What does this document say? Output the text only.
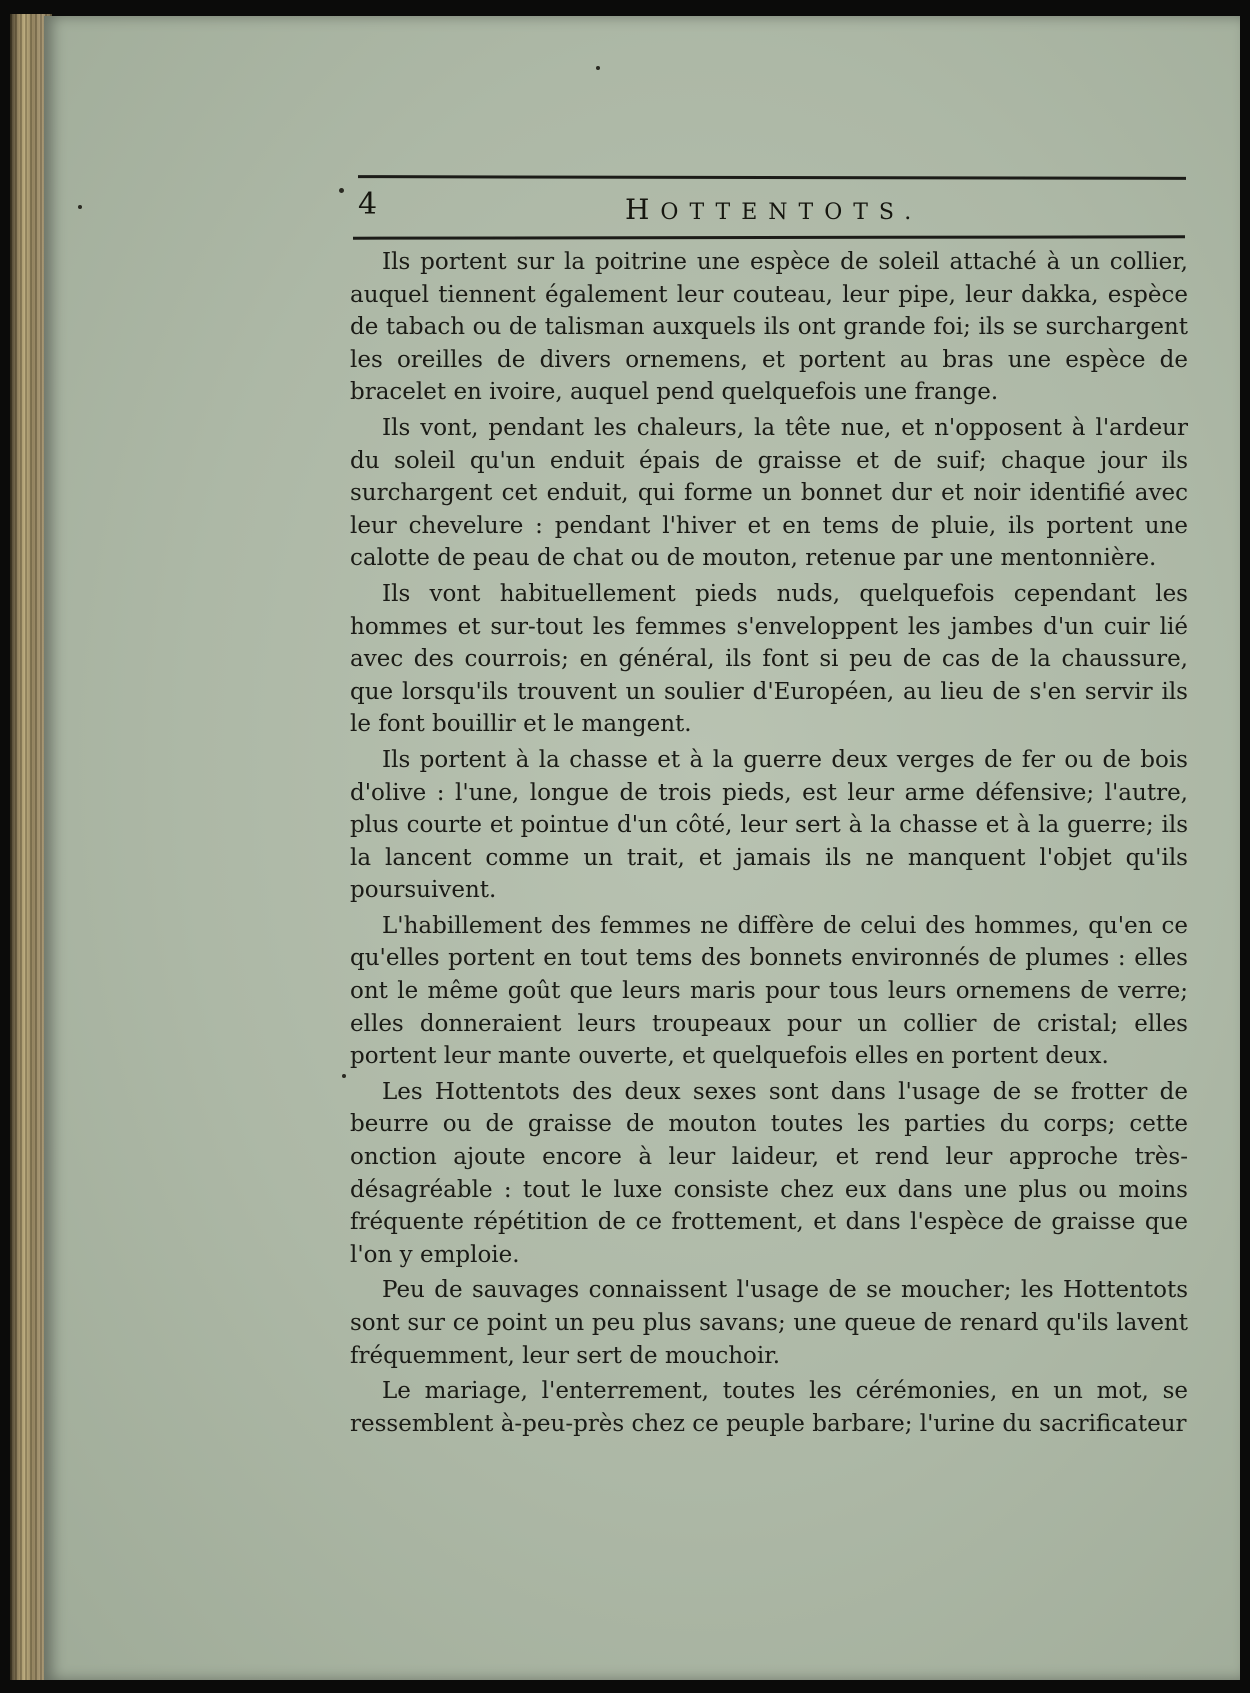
4	HOTTENTOTS.

Ils portent sur la poitrine une espèce de soleil attaché à un collier, auquel tiennent également leur couteau, leur pipe, leur dakka, espèce de tabach ou de talisman auxquels ils ont grande foi; ils se surchargent les oreilles de divers ornemens, et portent au bras une espèce de bracelet en ivoire, auquel pend quelquefois une frange.

Ils vont, pendant les chaleurs, la tête nue, et n'opposent à l'ardeur du soleil qu'un enduit épais de graisse et de suif; chaque jour ils surchargent cet enduit, qui forme un bonnet dur et noir identifié avec leur chevelure : pendant l'hiver et en tems de pluie, ils portent une calotte de peau de chat ou de mouton, retenue par une mentonnière.

Ils vont habituellement pieds nuds, quelquefois cependant les hommes et sur-tout les femmes s'enveloppent les jambes d'un cuir lié avec des courrois; en général, ils font si peu de cas de la chaussure, que lorsqu'ils trouvent un soulier d'Européen, au lieu de s'en servir ils le font bouillir et le mangent.

Ils portent à la chasse et à la guerre deux verges de fer ou de bois d'olive : l'une, longue de trois pieds, est leur arme défensive; l'autre, plus courte et pointue d'un côté, leur sert à la chasse et à la guerre; ils la lancent comme un trait, et jamais ils ne manquent l'objet qu'ils poursuivent.

L'habillement des femmes ne diffère de celui des hommes, qu'en ce qu'elles portent en tout tems des bonnets environnés de plumes : elles ont le même goût que leurs maris pour tous leurs ornemens de verre; elles donneraient leurs troupeaux pour un collier de cristal; elles portent leur mante ouverte, et quelquefois elles en portent deux.

Les Hottentots des deux sexes sont dans l'usage de se frotter de beurre ou de graisse de mouton toutes les parties du corps; cette onction ajoute encore à leur laideur, et rend leur approche très-désagréable : tout le luxe consiste chez eux dans une plus ou moins fréquente répétition de ce frottement, et dans l'espèce de graisse que l'on y emploie.

Peu de sauvages connaissent l'usage de se moucher; les Hottentots sont sur ce point un peu plus savans; une queue de renard qu'ils lavent fréquemment, leur sert de mouchoir.

Le mariage, l'enterrement, toutes les cérémonies, en un mot, se ressemblent à-peu-près chez ce peuple barbare; l'urine du sacrificateur
